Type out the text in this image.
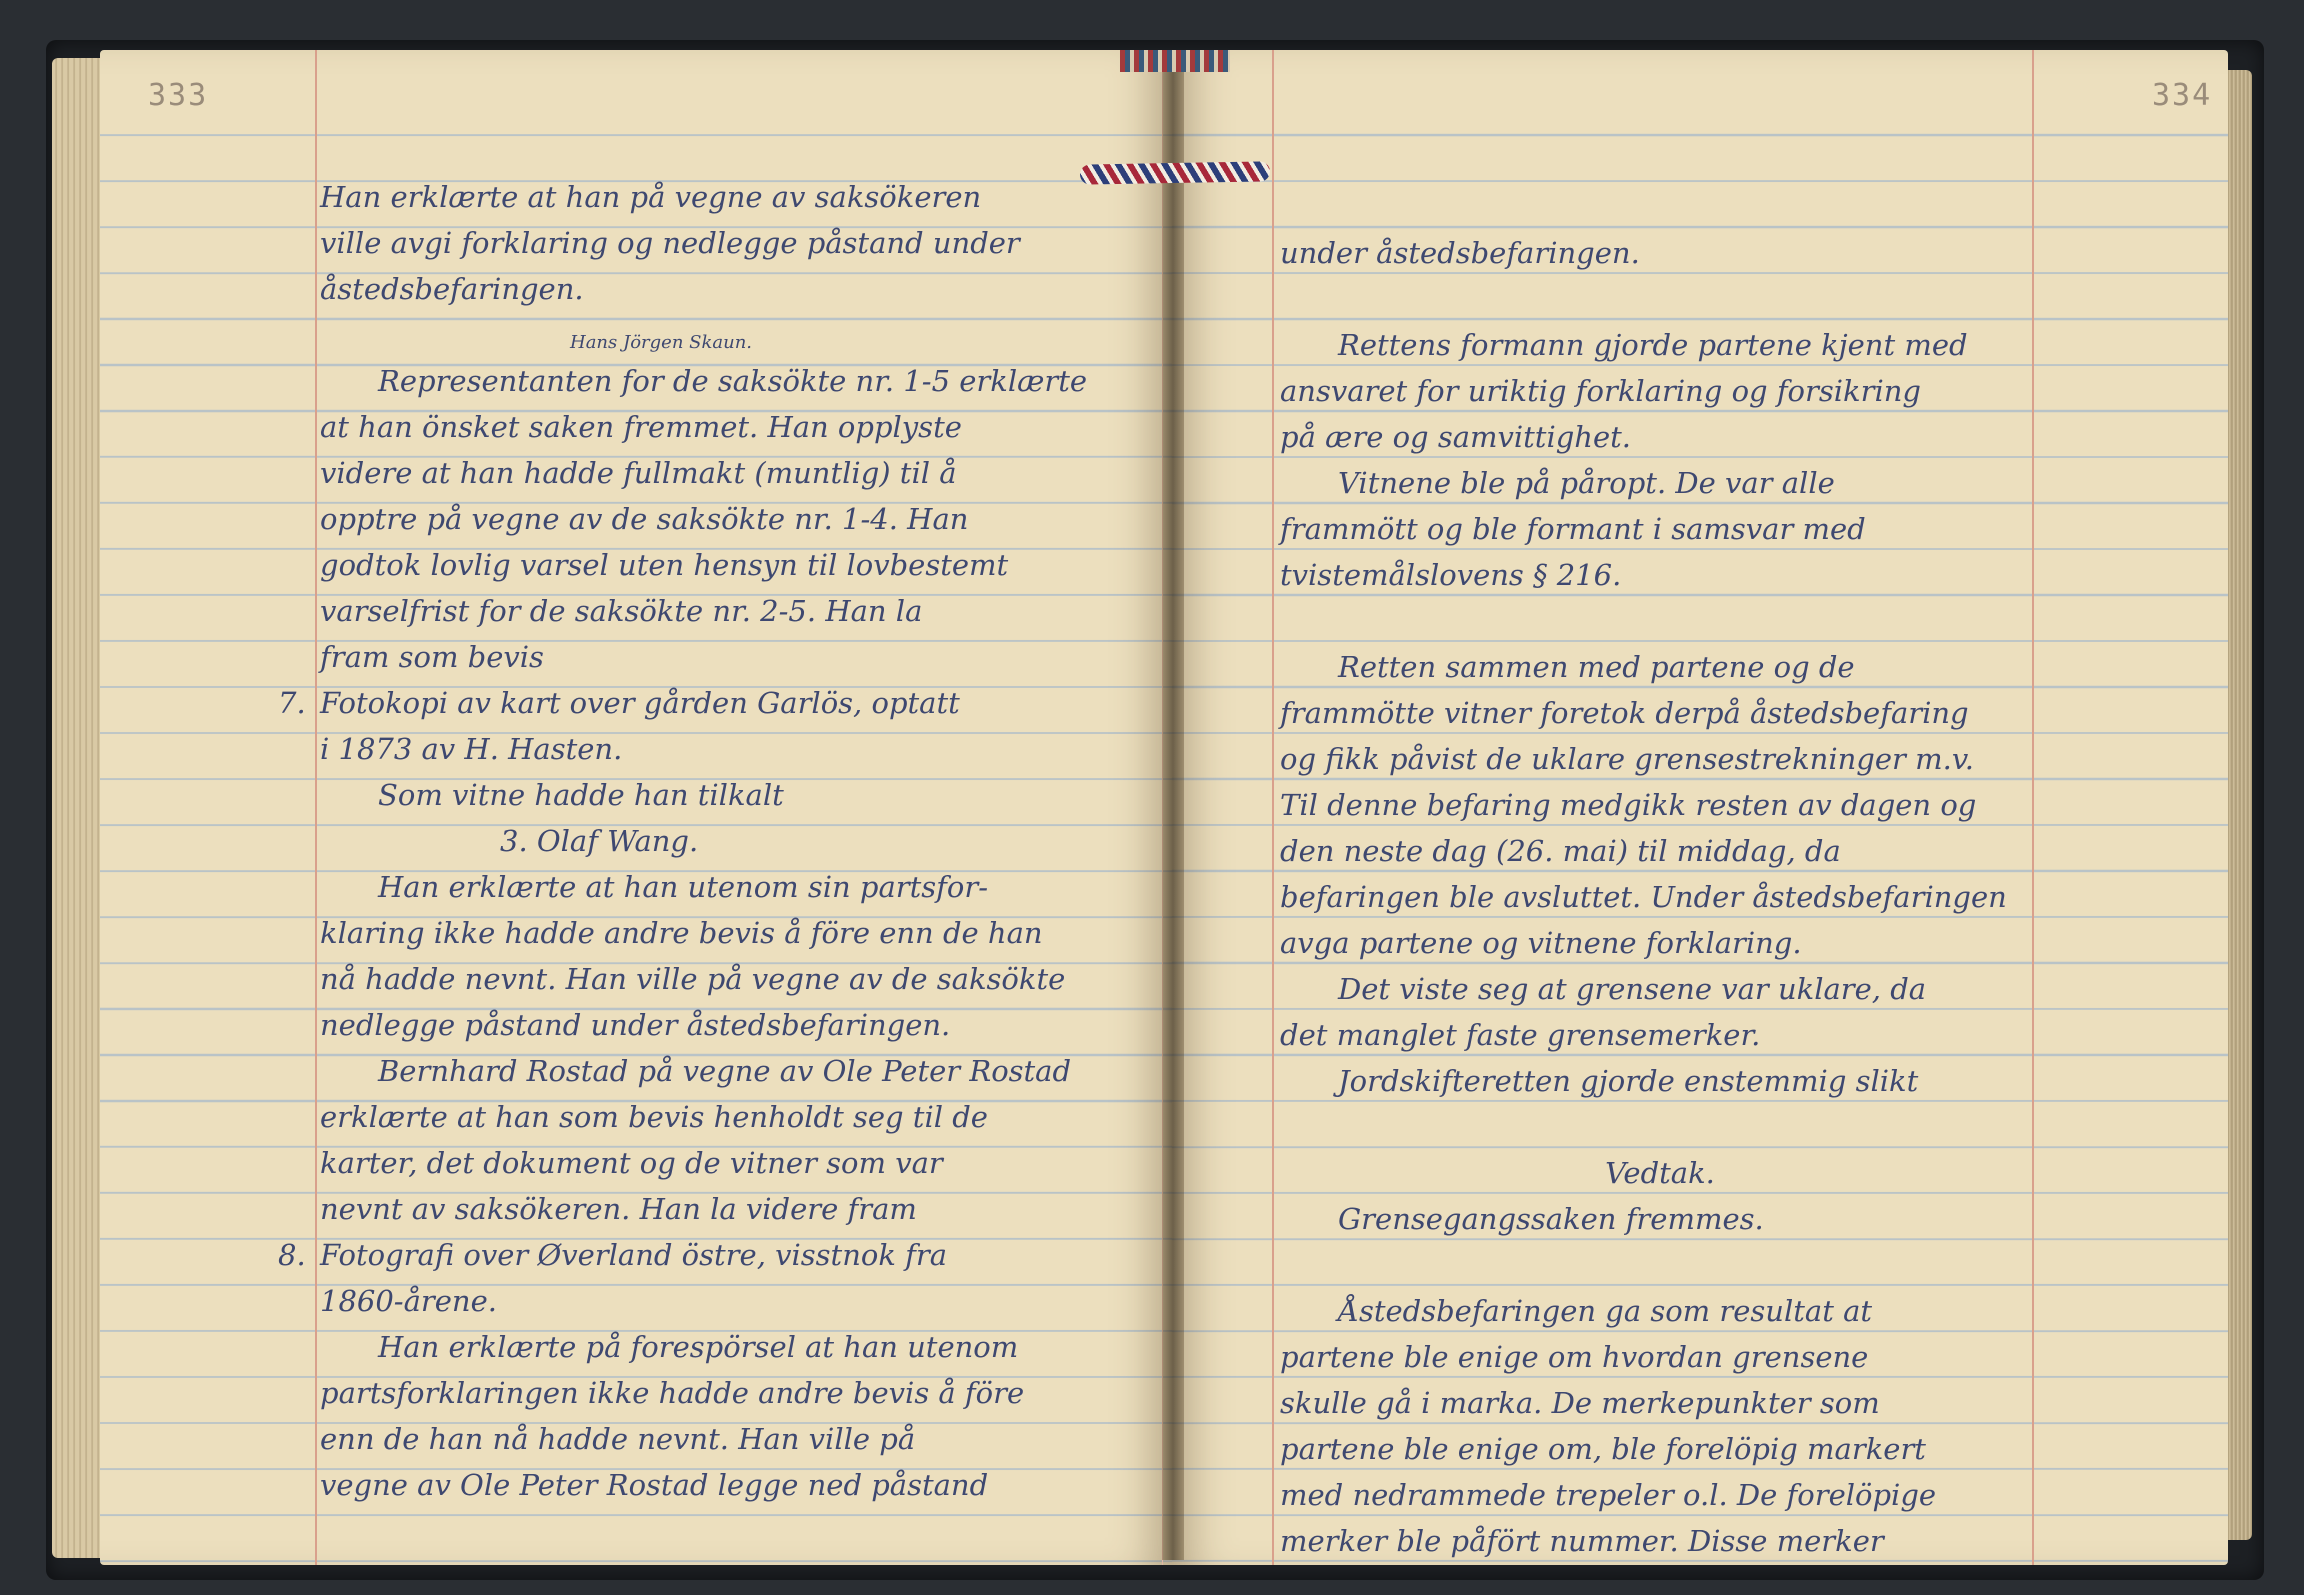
333
Hans Jörgen Skaun.
Han erklærte at han på vegne av saksökeren
ville avgi forklaring og nedlegge påstand under
åstedsbefaringen.
Representanten for de saksökte nr. 1-5 erklærte
at han önsket saken fremmet. Han opplyste
videre at han hadde fullmakt (muntlig) til å
opptre på vegne av de saksökte nr. 1-4. Han
godtok lovlig varsel uten hensyn til lovbestemt
varselfrist for de saksökte nr. 2-5. Han la
fram som bevis
7. Fotokopi av kart over gården Garlös, optatt
i 1873 av H. Hasten.
Som vitne hadde han tilkalt
3. Olaf Wang.
Han erklærte at han utenom sin partsfor-
klaring ikke hadde andre bevis å före enn de han
nå hadde nevnt. Han ville på vegne av de saksökte
nedlegge påstand under åstedsbefaringen.
Bernhard Rostad på vegne av Ole Peter Rostad
erklærte at han som bevis henholdt seg til de
karter, det dokument og de vitner som var
nevnt av saksökeren. Han la videre fram
8. Fotografi over Øverland östre, visstnok fra
1860-årene.
Han erklærte på forespörsel at han utenom
partsforklaringen ikke hadde andre bevis å före
enn de han nå hadde nevnt. Han ville på
vegne av Ole Peter Rostad legge ned påstand
334
under åstedsbefaringen.
Rettens formann gjorde partene kjent med
ansvaret for uriktig forklaring og forsikring
på ære og samvittighet.
Vitnene ble på påropt. De var alle
frammött og ble formant i samsvar med
tvistemålslovens § 216.
Retten sammen med partene og de
frammötte vitner foretok derpå åstedsbefaring
og fikk påvist de uklare grensestrekninger m.v.
Til denne befaring medgikk resten av dagen og
den neste dag (26. mai) til middag, da
befaringen ble avsluttet. Under åstedsbefaringen
avga partene og vitnene forklaring.
Det viste seg at grensene var uklare, da
det manglet faste grensemerker.
Jordskifteretten gjorde enstemmig slikt
Vedtak.
Grensegangssaken fremmes.
Åstedsbefaringen ga som resultat at
partene ble enige om hvordan grensene
skulle gå i marka. De merkepunkter som
partene ble enige om, ble forelöpig markert
med nedrammede trepeler o.l. De forelöpige
merker ble påfört nummer. Disse merker
